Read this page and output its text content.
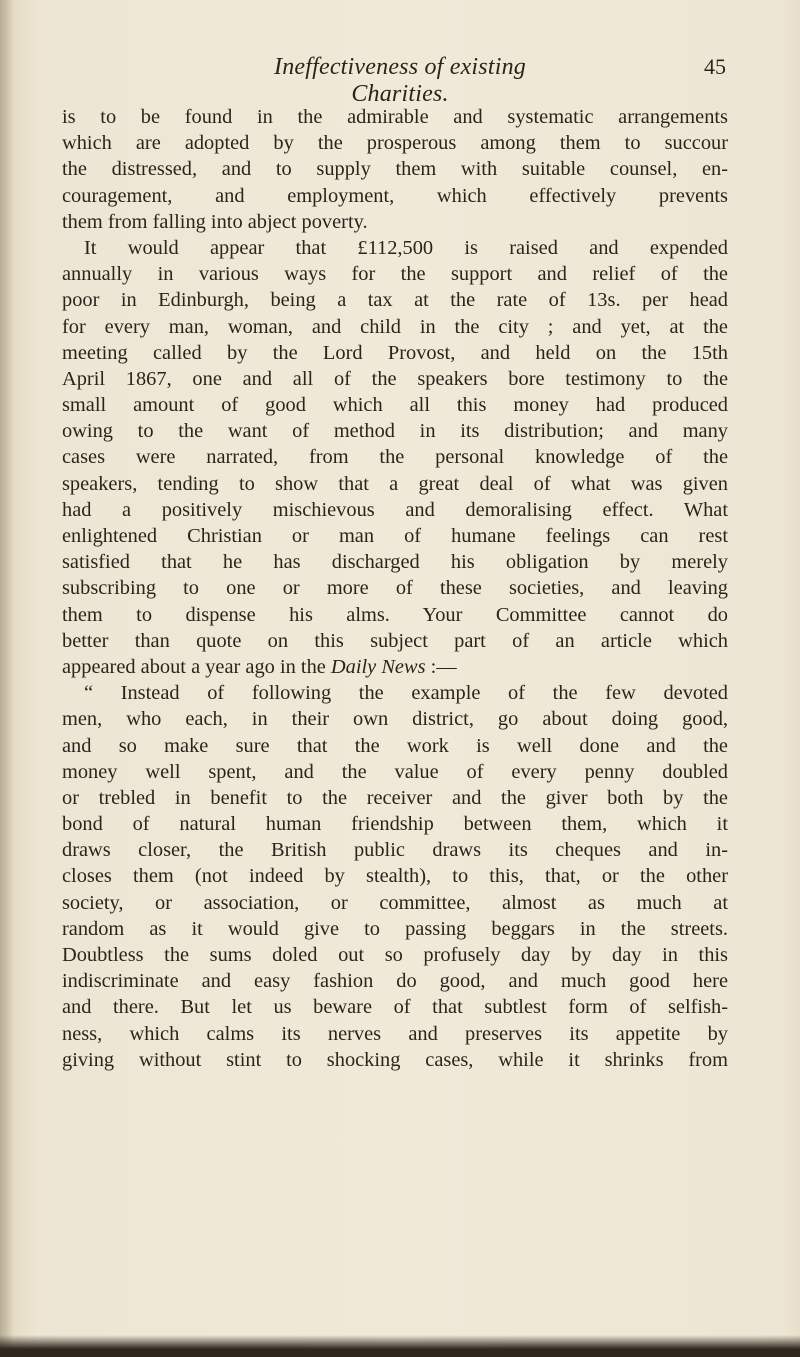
Ineffectiveness of existing Charities.
45
is to be found in the admirable and systematic arrangements
which are adopted by the prosperous among them to succour
the distressed, and to supply them with suitable counsel, en-
couragement, and employment, which effectively prevents
them from falling into abject poverty.
It would appear that £112,500 is raised and expended
annually in various ways for the support and relief of the
poor in Edinburgh, being a tax at the rate of 13s. per head
for every man, woman, and child in the city ; and yet, at the
meeting called by the Lord Provost, and held on the 15th
April 1867, one and all of the speakers bore testimony to the
small amount of good which all this money had produced
owing to the want of method in its distribution; and many
cases were narrated, from the personal knowledge of the
speakers, tending to show that a great deal of what was given
had a positively mischievous and demoralising effect. What
enlightened Christian or man of humane feelings can rest
satisfied that he has discharged his obligation by merely
subscribing to one or more of these societies, and leaving
them to dispense his alms. Your Committee cannot do
better than quote on this subject part of an article which
appeared about a year ago in the Daily News :—
“ Instead of following the example of the few devoted
men, who each, in their own district, go about doing good,
and so make sure that the work is well done and the
money well spent, and the value of every penny doubled
or trebled in benefit to the receiver and the giver both by the
bond of natural human friendship between them, which it
draws closer, the British public draws its cheques and in-
closes them (not indeed by stealth), to this, that, or the other
society, or association, or committee, almost as much at
random as it would give to passing beggars in the streets.
Doubtless the sums doled out so profusely day by day in this
indiscriminate and easy fashion do good, and much good here
and there. But let us beware of that subtlest form of selfish-
ness, which calms its nerves and preserves its appetite by
giving without stint to shocking cases, while it shrinks from
